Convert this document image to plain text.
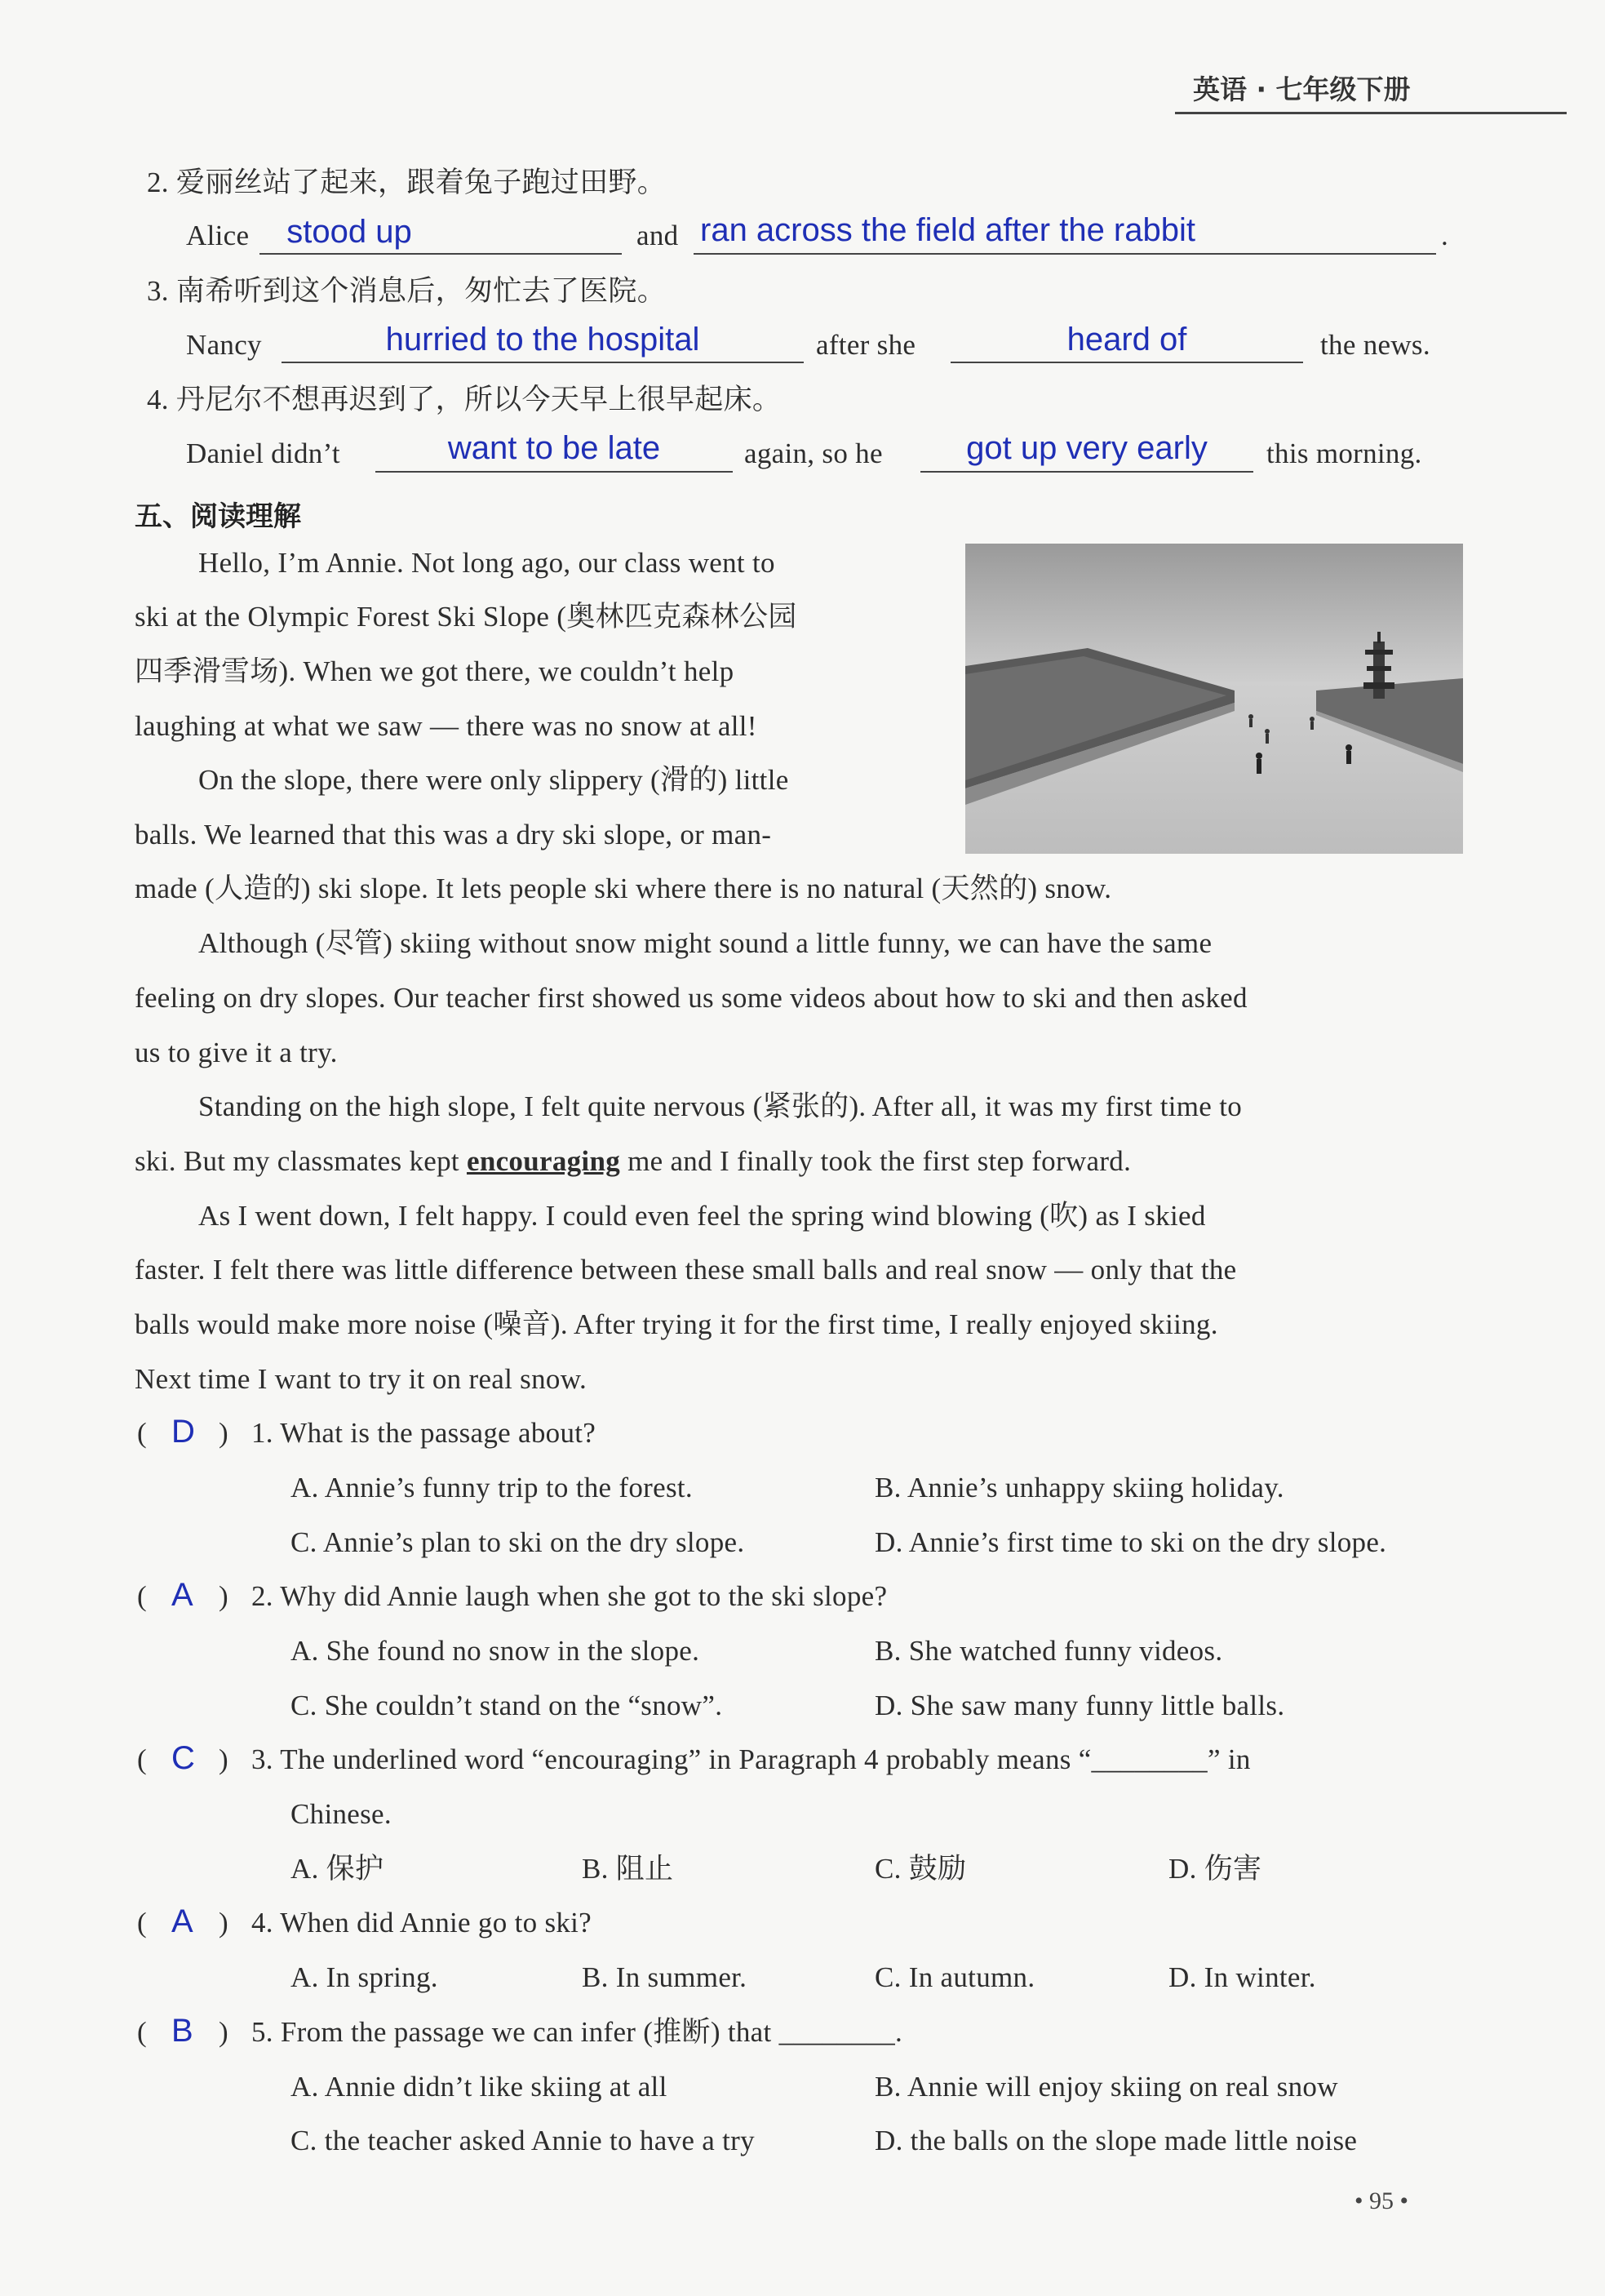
英语 · 七年级下册
2. 爱丽丝站了起来，跟着兔子跑过田野。
Alice	stood up	and ran across the field after the rabbit	.
3. 南希听到这个消息后，匆忙去了医院。
Nancy	hurried to the hospital	after she	heard of	the news.
4. 丹尼尔不想再迟到了，所以今天早上很早起床。
Daniel didn’t	want to be late	again, so he	got up very early	this morning.
五、阅读理解
Hello, I’m Annie. Not long ago, our class went to
ski at the Olympic Forest Ski Slope (奥林匹克森林公园
四季滑雪场). When we got there, we couldn’t help
laughing at what we saw — there was no snow at all!
On the slope, there were only slippery (滑的) little
balls. We learned that this was a dry ski slope, or man-
made (人造的) ski slope. It lets people ski where there is no natural (天然的) snow.
Although (尽管) skiing without snow might sound a little funny, we can have the same
feeling on dry slopes. Our teacher first showed us some videos about how to ski and then asked
us to give it a try.
Standing on the high slope, I felt quite nervous (紧张的). After all, it was my first time to
ski. But my classmates kept encouraging me and I finally took the first step forward.
As I went down, I felt happy. I could even feel the spring wind blowing (吹) as I skied
faster. I felt there was little difference between these small balls and real snow — only that the
balls would make more noise (噪音). After trying it for the first time, I really enjoyed skiing.
Next time I want to try it on real snow.
( D ) 1. What is the passage about?
A. Annie’s funny trip to the forest.	B. Annie’s unhappy skiing holiday.
C. Annie’s plan to ski on the dry slope.	D. Annie’s first time to ski on the dry slope.
( A ) 2. Why did Annie laugh when she got to the ski slope?
A. She found no snow in the slope.	B. She watched funny videos.
C. She couldn’t stand on the “snow”.	D. She saw many funny little balls.
( C ) 3. The underlined word “encouraging” in Paragraph 4 probably means “________” in
Chinese.
A. 保护	B. 阻止	C. 鼓励	D. 伤害
( A ) 4. When did Annie go to ski?
A. In spring.	B. In summer.	C. In autumn.	D. In winter.
( B ) 5. From the passage we can infer (推断) that ________.
A. Annie didn’t like skiing at all	B. Annie will enjoy skiing on real snow
C. the teacher asked Annie to have a try	D. the balls on the slope made little noise
• 95 •
